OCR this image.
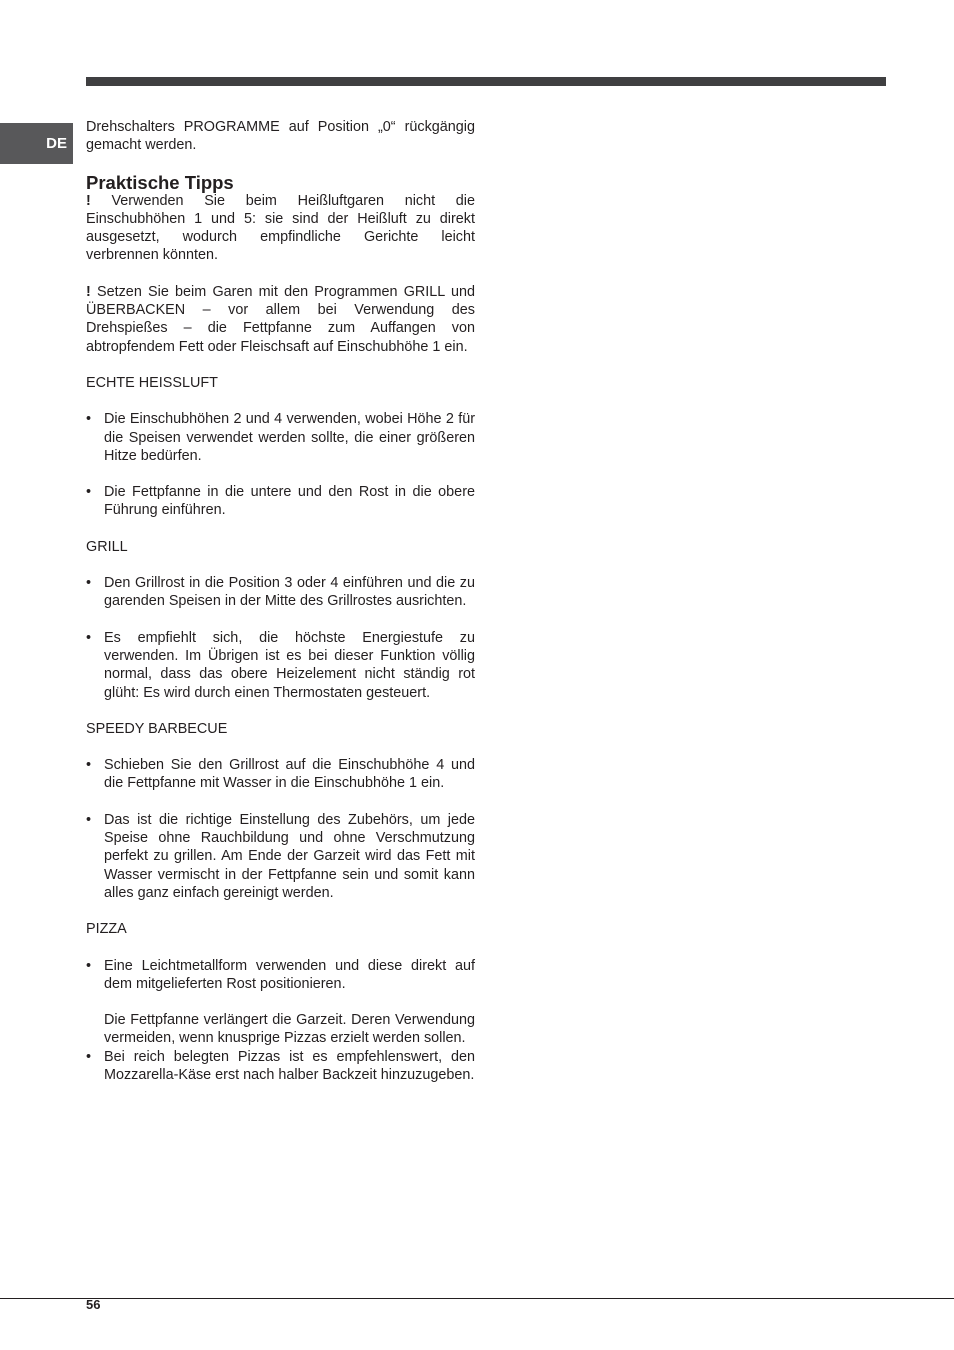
DE

Drehschalters PROGRAMME auf Position „0“ rückgängig gemacht werden.

Praktische Tipps

! Verwenden Sie beim Heißluftgaren nicht die Einschubhöhen 1 und 5: sie sind der Heißluft zu direkt ausgesetzt, wodurch empfindliche Gerichte leicht verbrennen könnten.

! Setzen Sie beim Garen mit den Programmen GRILL und ÜBERBACKEN – vor allem bei Verwendung des Drehspießes – die Fettpfanne zum Auffangen von abtropfendem Fett oder Fleischsaft auf Einschubhöhe 1 ein.

ECHTE HEISSLUFT

• Die Einschubhöhen 2 und 4 verwenden, wobei Höhe 2 für die Speisen verwendet werden sollte, die einer größeren Hitze bedürfen.

• Die Fettpfanne in die untere und den Rost in die obere Führung einführen.

GRILL

• Den Grillrost in die Position 3 oder 4 einführen und die zu garenden Speisen in der Mitte des Grillrostes ausrichten.

• Es empfiehlt sich, die höchste Energiestufe zu verwenden. Im Übrigen ist es bei dieser Funktion völlig normal, dass das obere Heizelement nicht ständig rot glüht: Es wird durch einen Thermostaten gesteuert.

SPEEDY BARBECUE

• Schieben Sie den Grillrost auf die Einschubhöhe 4 und die Fettpfanne mit Wasser in die Einschubhöhe 1 ein.

• Das ist die richtige Einstellung des Zubehörs, um jede Speise ohne Rauchbildung und ohne Verschmutzung perfekt zu grillen. Am Ende der Garzeit wird das Fett mit Wasser vermischt in der Fettpfanne sein und somit kann alles ganz einfach gereinigt werden.

PIZZA

• Eine Leichtmetallform verwenden und diese direkt auf dem mitgelieferten Rost positionieren.

Die Fettpfanne verlängert die Garzeit. Deren Verwendung vermeiden, wenn knusprige Pizzas erzielt werden sollen.

• Bei reich belegten Pizzas ist es empfehlenswert, den Mozzarella-Käse erst nach halber Backzeit hinzuzugeben.

56
